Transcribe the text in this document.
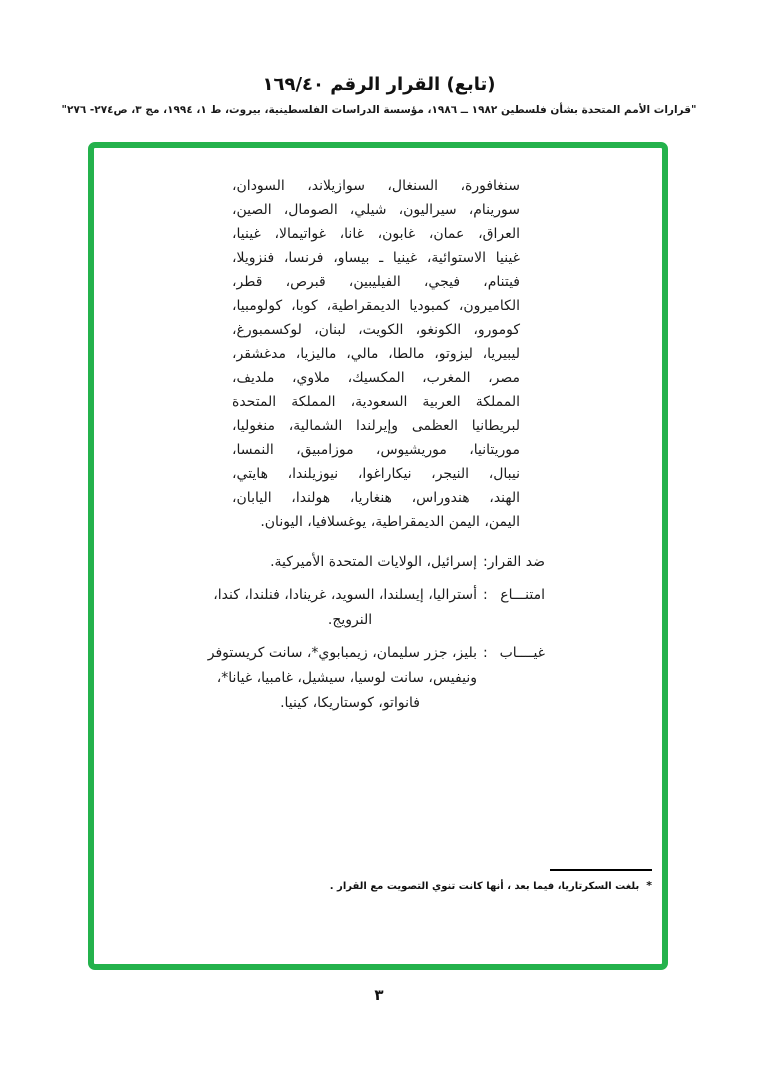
(تابع) القرار الرقم ١٦٩/٤٠
"قرارات الأمم المتحدة بشأن فلسطين ١٩٨٢ ــ ١٩٨٦، مؤسسة الدراسات الفلسطينية، بيروت، ط ١، ١٩٩٤، مج ٣، ص٢٧٤- ٢٧٦"
سنغافورة، السنغال، سوازيلاند، السودان،
سورينام، سيراليون، شيلي، الصومال، الصين،
العراق، عمان، غابون، غانا، غواتيمالا، غينيا،
غينيا الاستوائية، غينيا ـ بيساو، فرنسا، فنزويلا،
فيتنام، فيجي، الفيليبين، قبرص، قطر،
الكاميرون، كمبوديا الديمقراطية، كوبا، كولومبيا،
كومورو، الكونغو، الكويت، لبنان، لوكسمبورغ،
ليبيريا، ليزوتو، مالطا، مالي، ماليزيا، مدغشقر،
مصر، المغرب، المكسيك، ملاوي، ملديف،
المملكة العربية السعودية، المملكة المتحدة
لبريطانيا العظمى وإيرلندا الشمالية، منغوليا،
موريتانيا، موريشيوس، موزامبيق، النمسا،
نيبال، النيجر، نيكاراغوا، نيوزيلندا، هايتي،
الهند، هندوراس، هنغاريا، هولندا، اليابان،
اليمن، اليمن الديمقراطية، يوغسلافيا، اليونان.
ضد القرار
:
إسرائيل، الولايات المتحدة الأميركية.
امتنـــاع
:
أستراليا، إيسلندا، السويد، غرينادا، فنلندا، كندا،
النرويج.
غيــــاب
:
بليز، جزر سليمان، زيمبابوي*، سانت كريستوفر
ونيفيس، سانت لوسيا، سيشيل، غامبيا، غيانا*،
فانواتو، كوستاريكا، كينيا.
*بلغت السكرتاريا، فيما بعد ، أنها كانت تنوي التصويت مع القرار .
٣
